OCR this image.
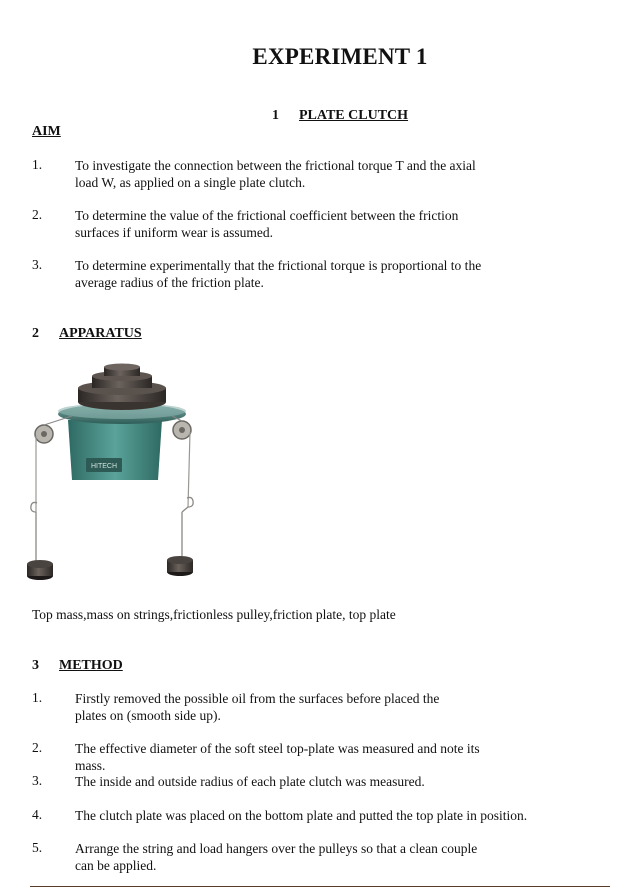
EXPERIMENT 1
1 PLATE CLUTCH
AIM
1. To investigate the connection between the frictional torque T and the axial
load W, as applied on a single plate clutch.
2. To determine the value of the frictional coefficient between the friction
surfaces if uniform wear is assumed.
3. To determine experimentally that the frictional torque is proportional to the
average radius of the friction plate.
2 APPARATUS
HITECH
Top mass,mass on strings,frictionless pulley,friction plate, top plate
3 METHOD
1. Firstly removed the possible oil from the surfaces before placed the
plates on (smooth side up).
2. The effective diameter of the soft steel top-plate was measured and note its
mass.
3. The inside and outside radius of each plate clutch was measured.
4. The clutch plate was placed on the bottom plate and putted the top plate in position.
5. Arrange the string and load hangers over the pulleys so that a clean couple
can be applied.
